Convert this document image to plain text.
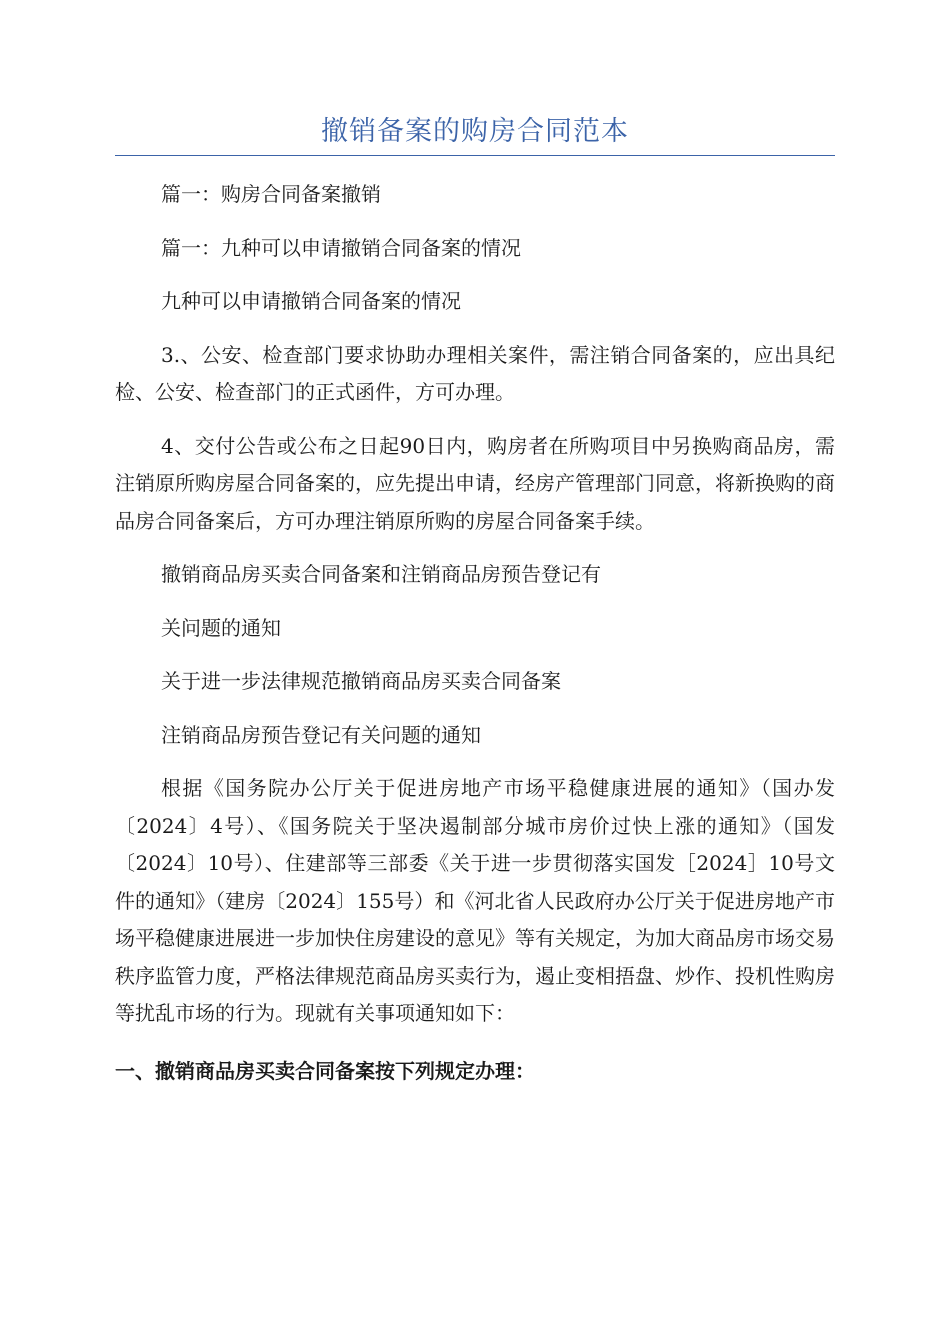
撤销备案的购房合同范本

篇一：购房合同备案撤销

篇一：九种可以申请撤销合同备案的情况

九种可以申请撤销合同备案的情况

3.、公安、检查部门要求协助办理相关案件，需注销合同备案的，应出具纪检、公安、检查部门的正式函件，方可办理。

4、交付公告或公布之日起90日内，购房者在所购项目中另换购商品房，需注销原所购房屋合同备案的，应先提出申请，经房产管理部门同意，将新换购的商品房合同备案后，方可办理注销原所购的房屋合同备案手续。

撤销商品房买卖合同备案和注销商品房预告登记有

关问题的通知

关于进一步法律规范撤销商品房买卖合同备案

注销商品房预告登记有关问题的通知

根据《国务院办公厅关于促进房地产市场平稳健康进展的通知》（国办发〔2024〕4号）、《国务院关于坚决遏制部分城市房价过快上涨的通知》（国发〔2024〕10号）、住建部等三部委《关于进一步贯彻落实国发［2024］10号文件的通知》（建房〔2024〕155号）和《河北省人民政府办公厅关于促进房地产市场平稳健康进展进一步加快住房建设的意见》等有关规定，为加大商品房市场交易秩序监管力度，严格法律规范商品房买卖行为，遏止变相捂盘、炒作、投机性购房等扰乱市场的行为。现就有关事项通知如下：

一、撤销商品房买卖合同备案按下列规定办理：
